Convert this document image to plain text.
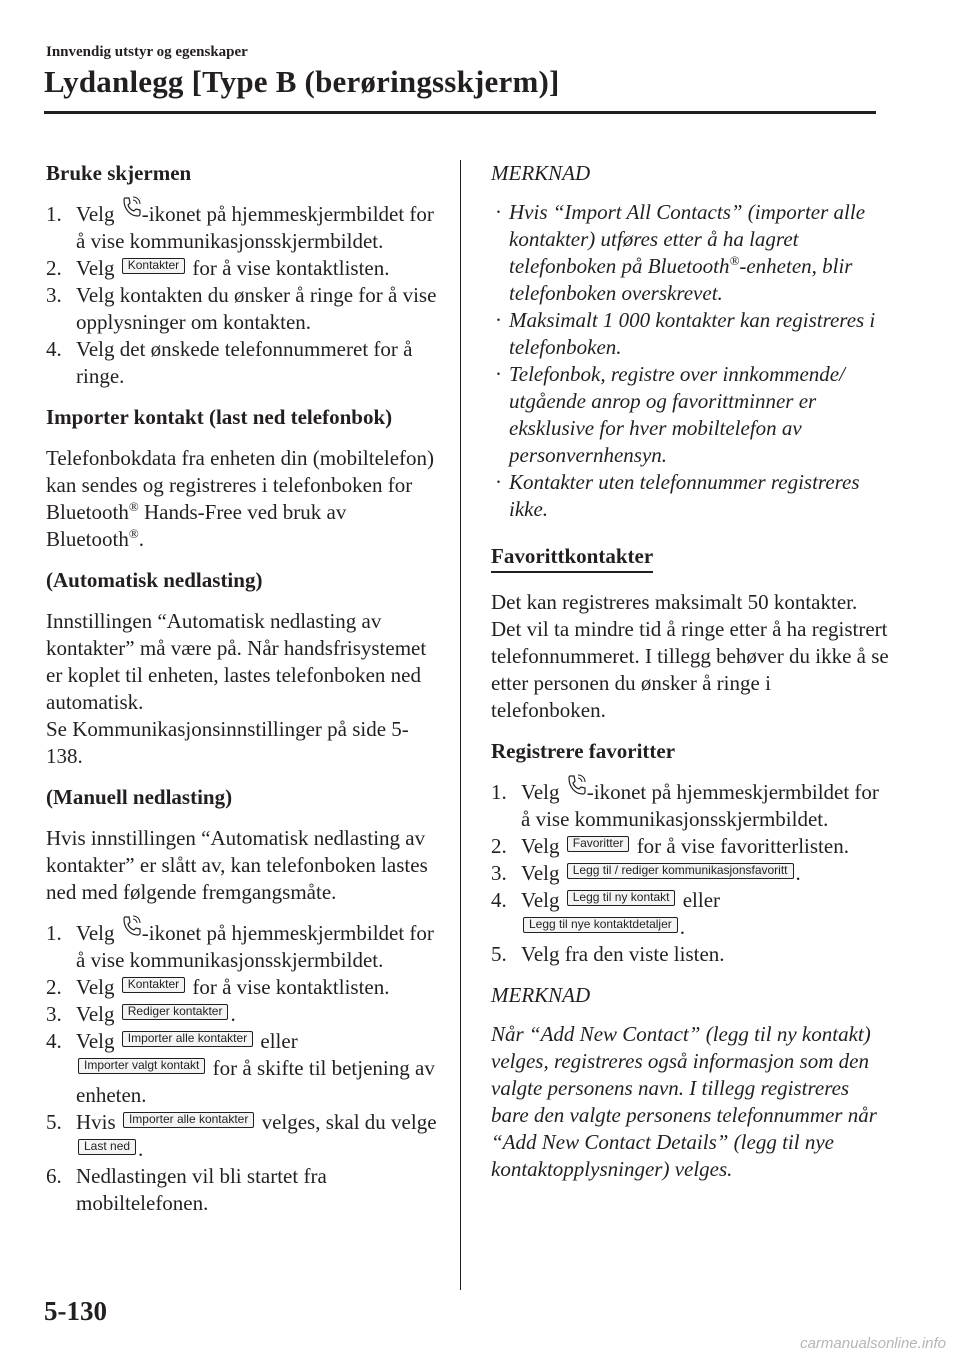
Innvendig utstyr og egenskaper
Lydanlegg [Type B (berøringsskjerm)]
Bruke skjermen
1. Velg -ikonet på hjemmeskjermbildet for å vise kommunikasjonsskjermbildet.
2. Velg Kontakter for å vise kontaktlisten.
3. Velg kontakten du ønsker å ringe for å vise opplysninger om kontakten.
4. Velg det ønskede telefonnummeret for å ringe.
Importer kontakt (last ned telefonbok)
Telefonbokdata fra enheten din (mobiltelefon) kan sendes og registreres i telefonboken for Bluetooth® Hands-Free ved bruk av Bluetooth®.
(Automatisk nedlasting)
Innstillingen “Automatisk nedlasting av kontakter” må være på. Når handsfrisystemet er koplet til enheten, lastes telefonboken ned automatisk.
Se Kommunikasjonsinnstillinger på side 5-138.
(Manuell nedlasting)
Hvis innstillingen “Automatisk nedlasting av kontakter” er slått av, kan telefonboken lastes ned med følgende fremgangsmåte.
1. Velg -ikonet på hjemmeskjermbildet for å vise kommunikasjonsskjermbildet.
2. Velg Kontakter for å vise kontaktlisten.
3. Velg Rediger kontakter .
4. Velg Importer alle kontakter eller
Importer valgt kontakt for å skifte til betjening av enheten.
5. Hvis Importer alle kontakter velges, skal du velge Last ned .
6. Nedlastingen vil bli startet fra mobiltelefonen.
MERKNAD
· Hvis “Import All Contacts” (importer alle kontakter) utføres etter å ha lagret telefonboken på Bluetooth®-enheten, blir telefonboken overskrevet.
· Maksimalt 1 000 kontakter kan registreres i telefonboken.
· Telefonbok, registre over innkommende/ utgående anrop og favorittminner er eksklusive for hver mobiltelefon av personvernhensyn.
· Kontakter uten telefonnummer registreres ikke.
Favorittkontakter
Det kan registreres maksimalt 50 kontakter. Det vil ta mindre tid å ringe etter å ha registrert telefonnummeret. I tillegg behøver du ikke å se etter personen du ønsker å ringe i telefonboken.
Registrere favoritter
1. Velg -ikonet på hjemmeskjermbildet for å vise kommunikasjonsskjermbildet.
2. Velg Favoritter for å vise favoritterlisten.
3. Velg Legg til / rediger kommunikasjonsfavoritt .
4. Velg Legg til ny kontakt eller
Legg til nye kontaktdetaljer .
5. Velg fra den viste listen.
MERKNAD
Når “Add New Contact” (legg til ny kontakt) velges, registreres også informasjon som den valgte personens navn. I tillegg registreres bare den valgte personens telefonnummer når “Add New Contact Details” (legg til nye kontaktopplysninger) velges.
5-130
carmanualsonline.info
